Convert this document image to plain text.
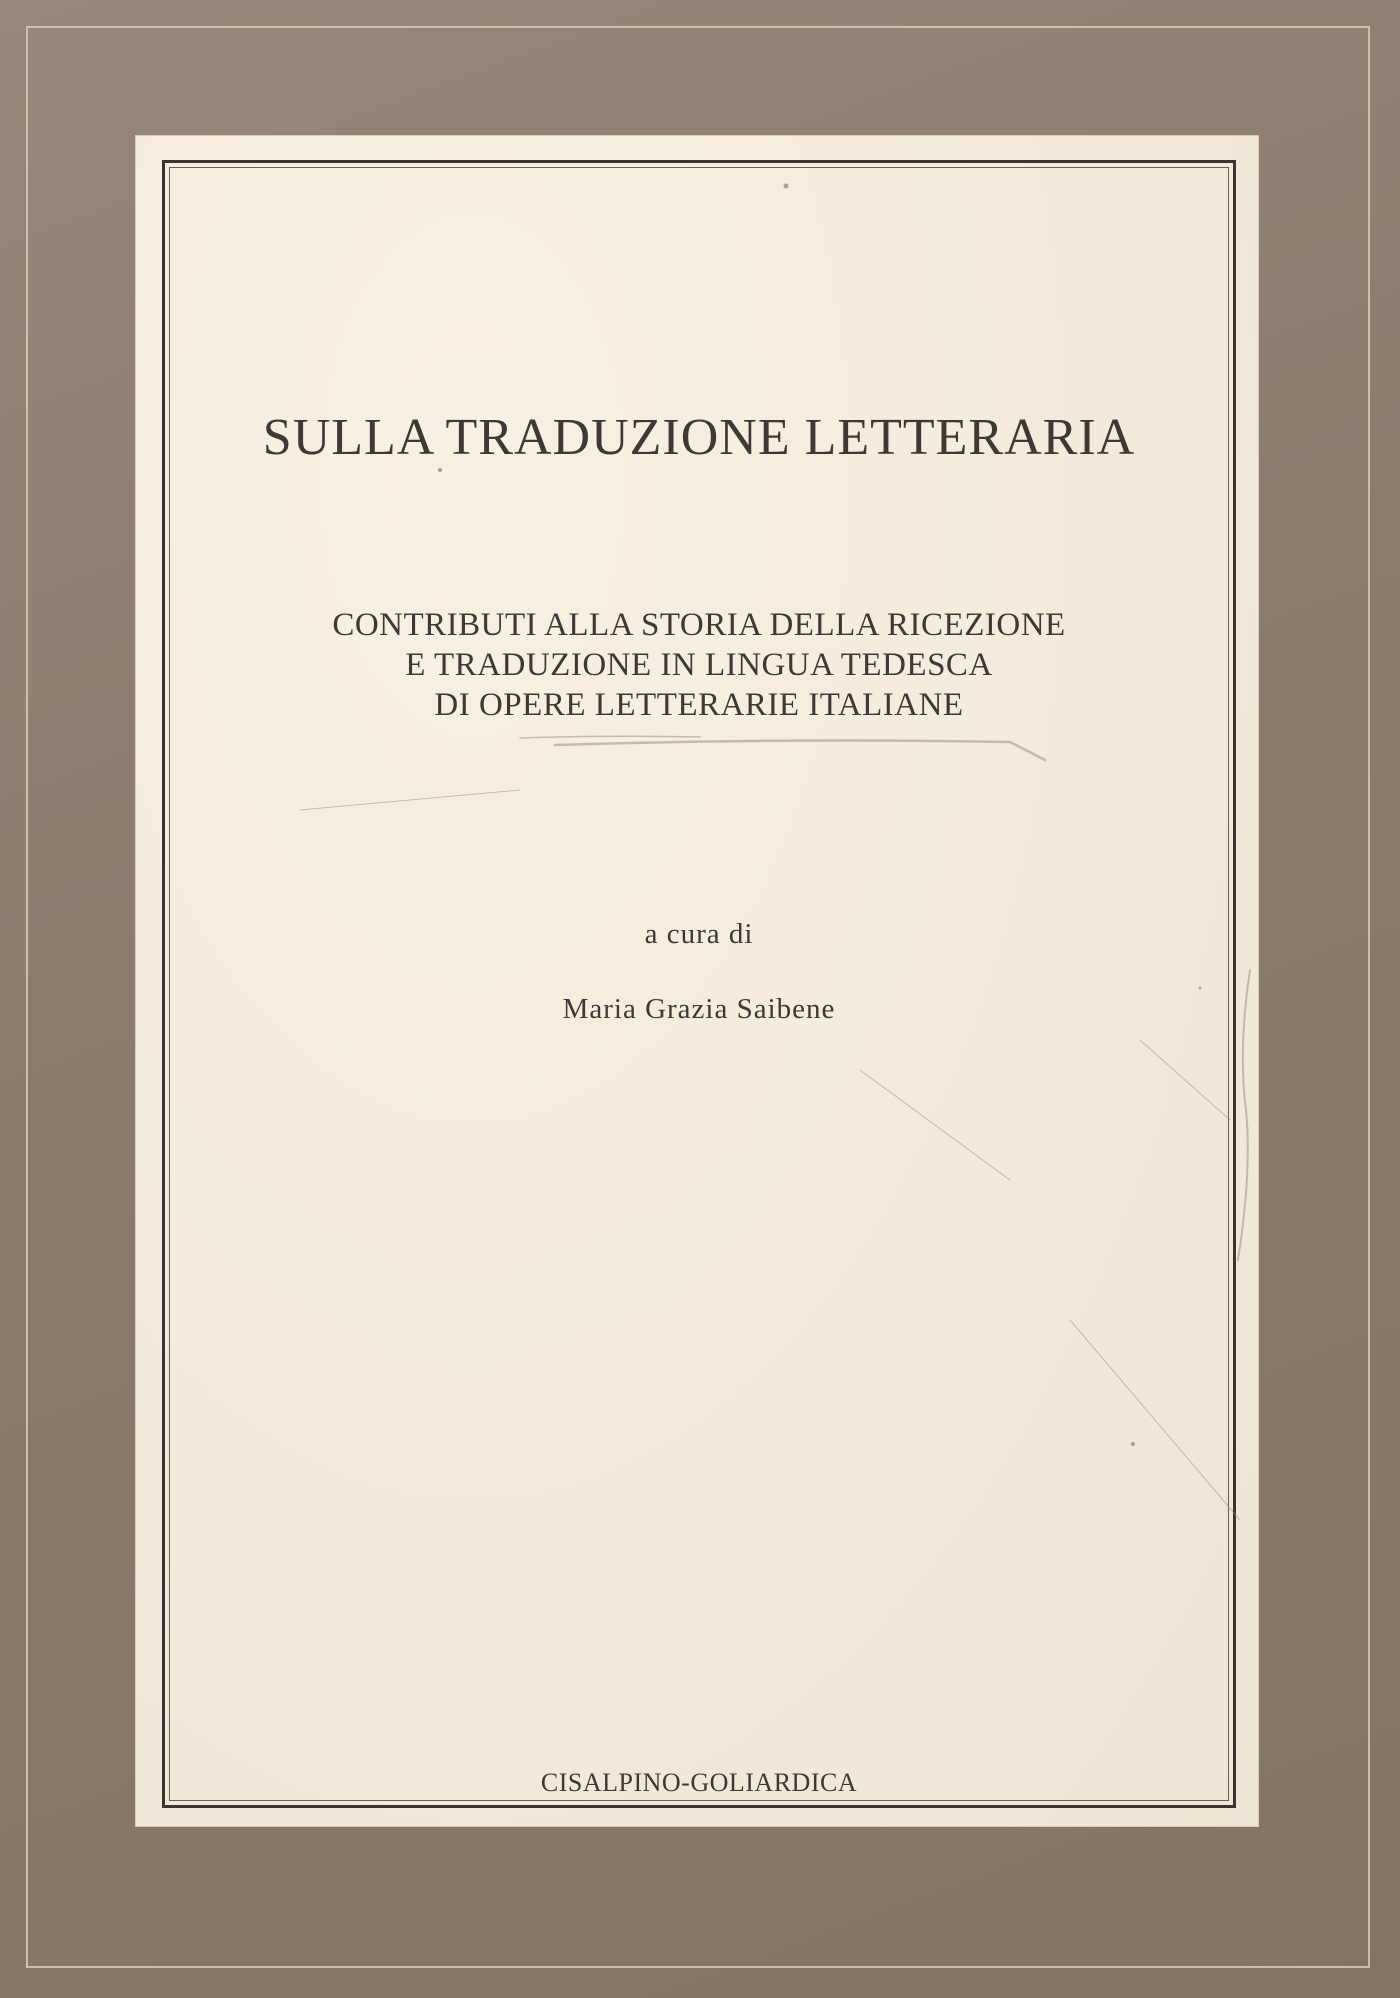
SULLA TRADUZIONE LETTERARIA
CONTRIBUTI ALLA STORIA DELLA RICEZIONE
E TRADUZIONE IN LINGUA TEDESCA
DI OPERE LETTERARIE ITALIANE
a cura di
Maria Grazia Saibene
CISALPINO-GOLIARDICA
